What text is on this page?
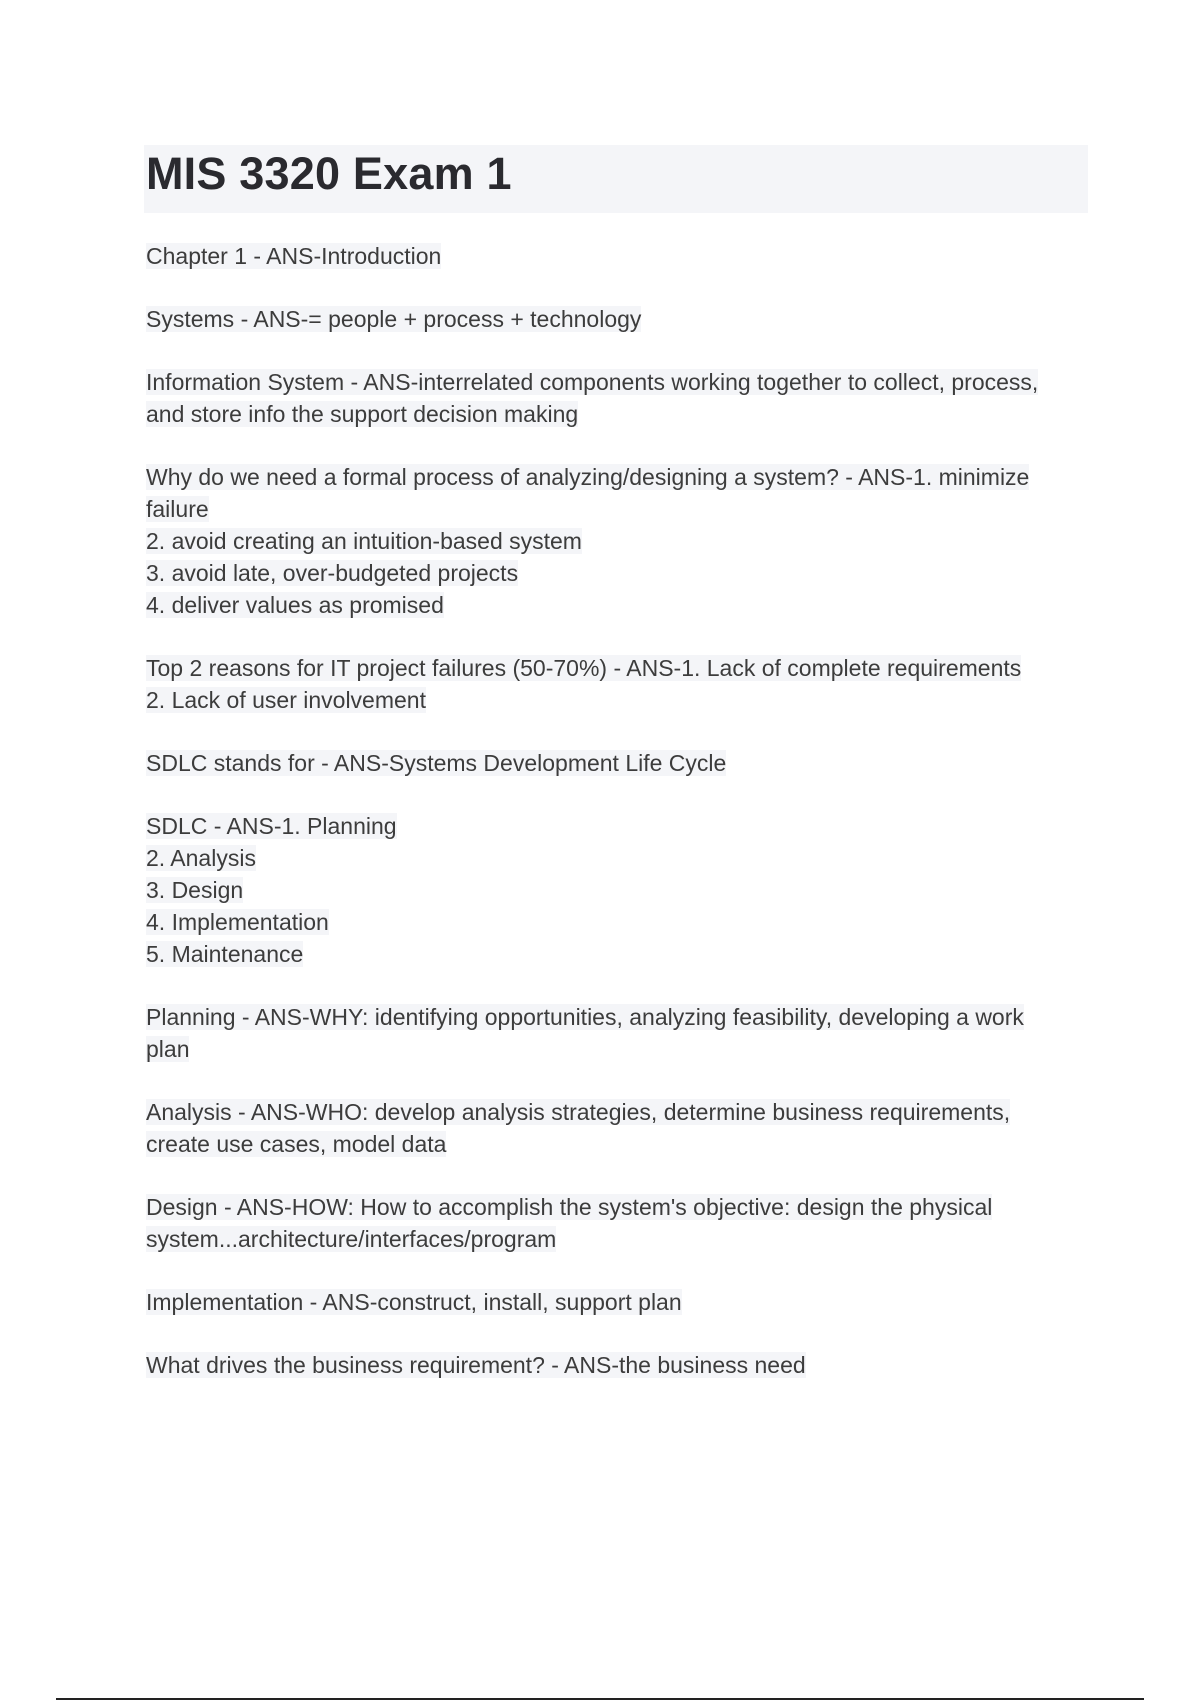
MIS 3320 Exam 1

Chapter 1 - ANS-Introduction

Systems - ANS-= people + process + technology

Information System - ANS-interrelated components working together to collect, process,
and store info the support decision making

Why do we need a formal process of analyzing/designing a system? - ANS-1. minimize
failure
2. avoid creating an intuition-based system
3. avoid late, over-budgeted projects
4. deliver values as promised

Top 2 reasons for IT project failures (50-70%) - ANS-1. Lack of complete requirements
2. Lack of user involvement

SDLC stands for - ANS-Systems Development Life Cycle

SDLC - ANS-1. Planning
2. Analysis
3. Design
4. Implementation
5. Maintenance

Planning - ANS-WHY: identifying opportunities, analyzing feasibility, developing a work
plan

Analysis - ANS-WHO: develop analysis strategies, determine business requirements,
create use cases, model data

Design - ANS-HOW: How to accomplish the system's objective: design the physical
system...architecture/interfaces/program

Implementation - ANS-construct, install, support plan

What drives the business requirement? - ANS-the business need
